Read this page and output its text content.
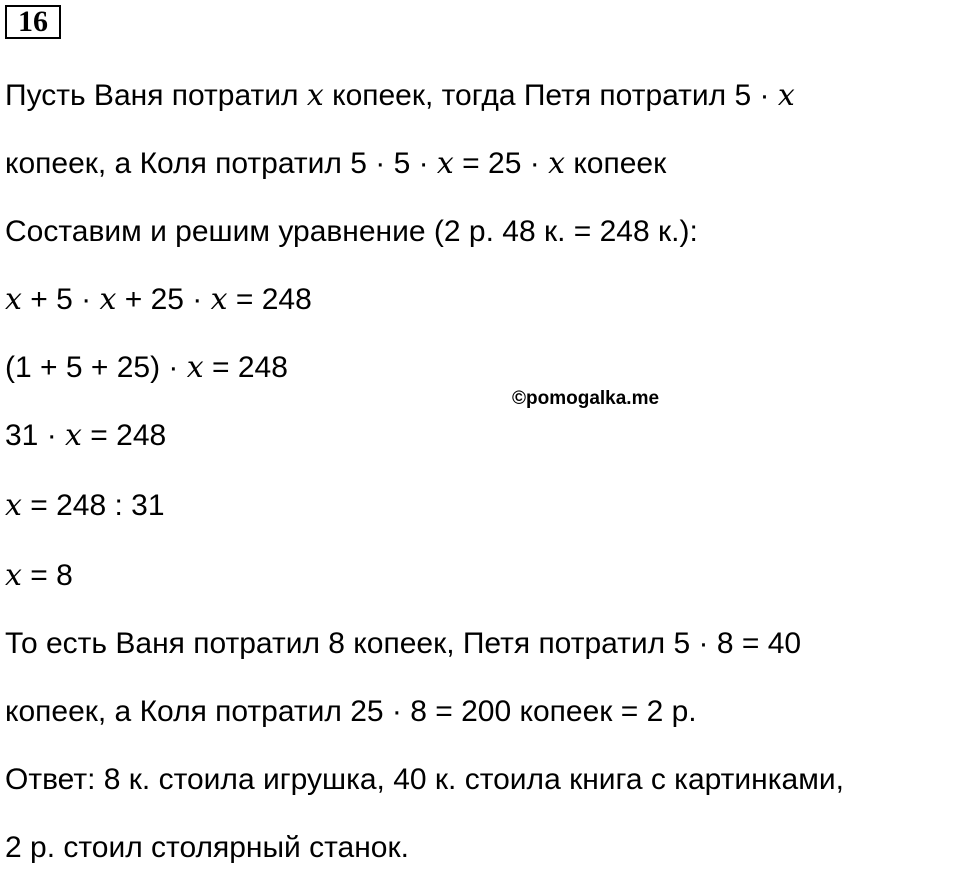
16
Пусть Ваня потратил x копеек, тогда Петя потратил 5 · x
копеек, а Коля потратил 5 · 5 · x = 25 · x копеек
Составим и решим уравнение (2 р. 48 к. = 248 к.):
x + 5 · x + 25 · x = 248
(1 + 5 + 25) · x = 248
©pomogalka.me
31 · x = 248
x = 248 : 31
x = 8
То есть Ваня потратил 8 копеек, Петя потратил 5 · 8 = 40
копеек, а Коля потратил 25 · 8 = 200 копеек = 2 р.
Ответ: 8 к. стоила игрушка, 40 к. стоила книга с картинками,
2 р. стоил столярный станок.
